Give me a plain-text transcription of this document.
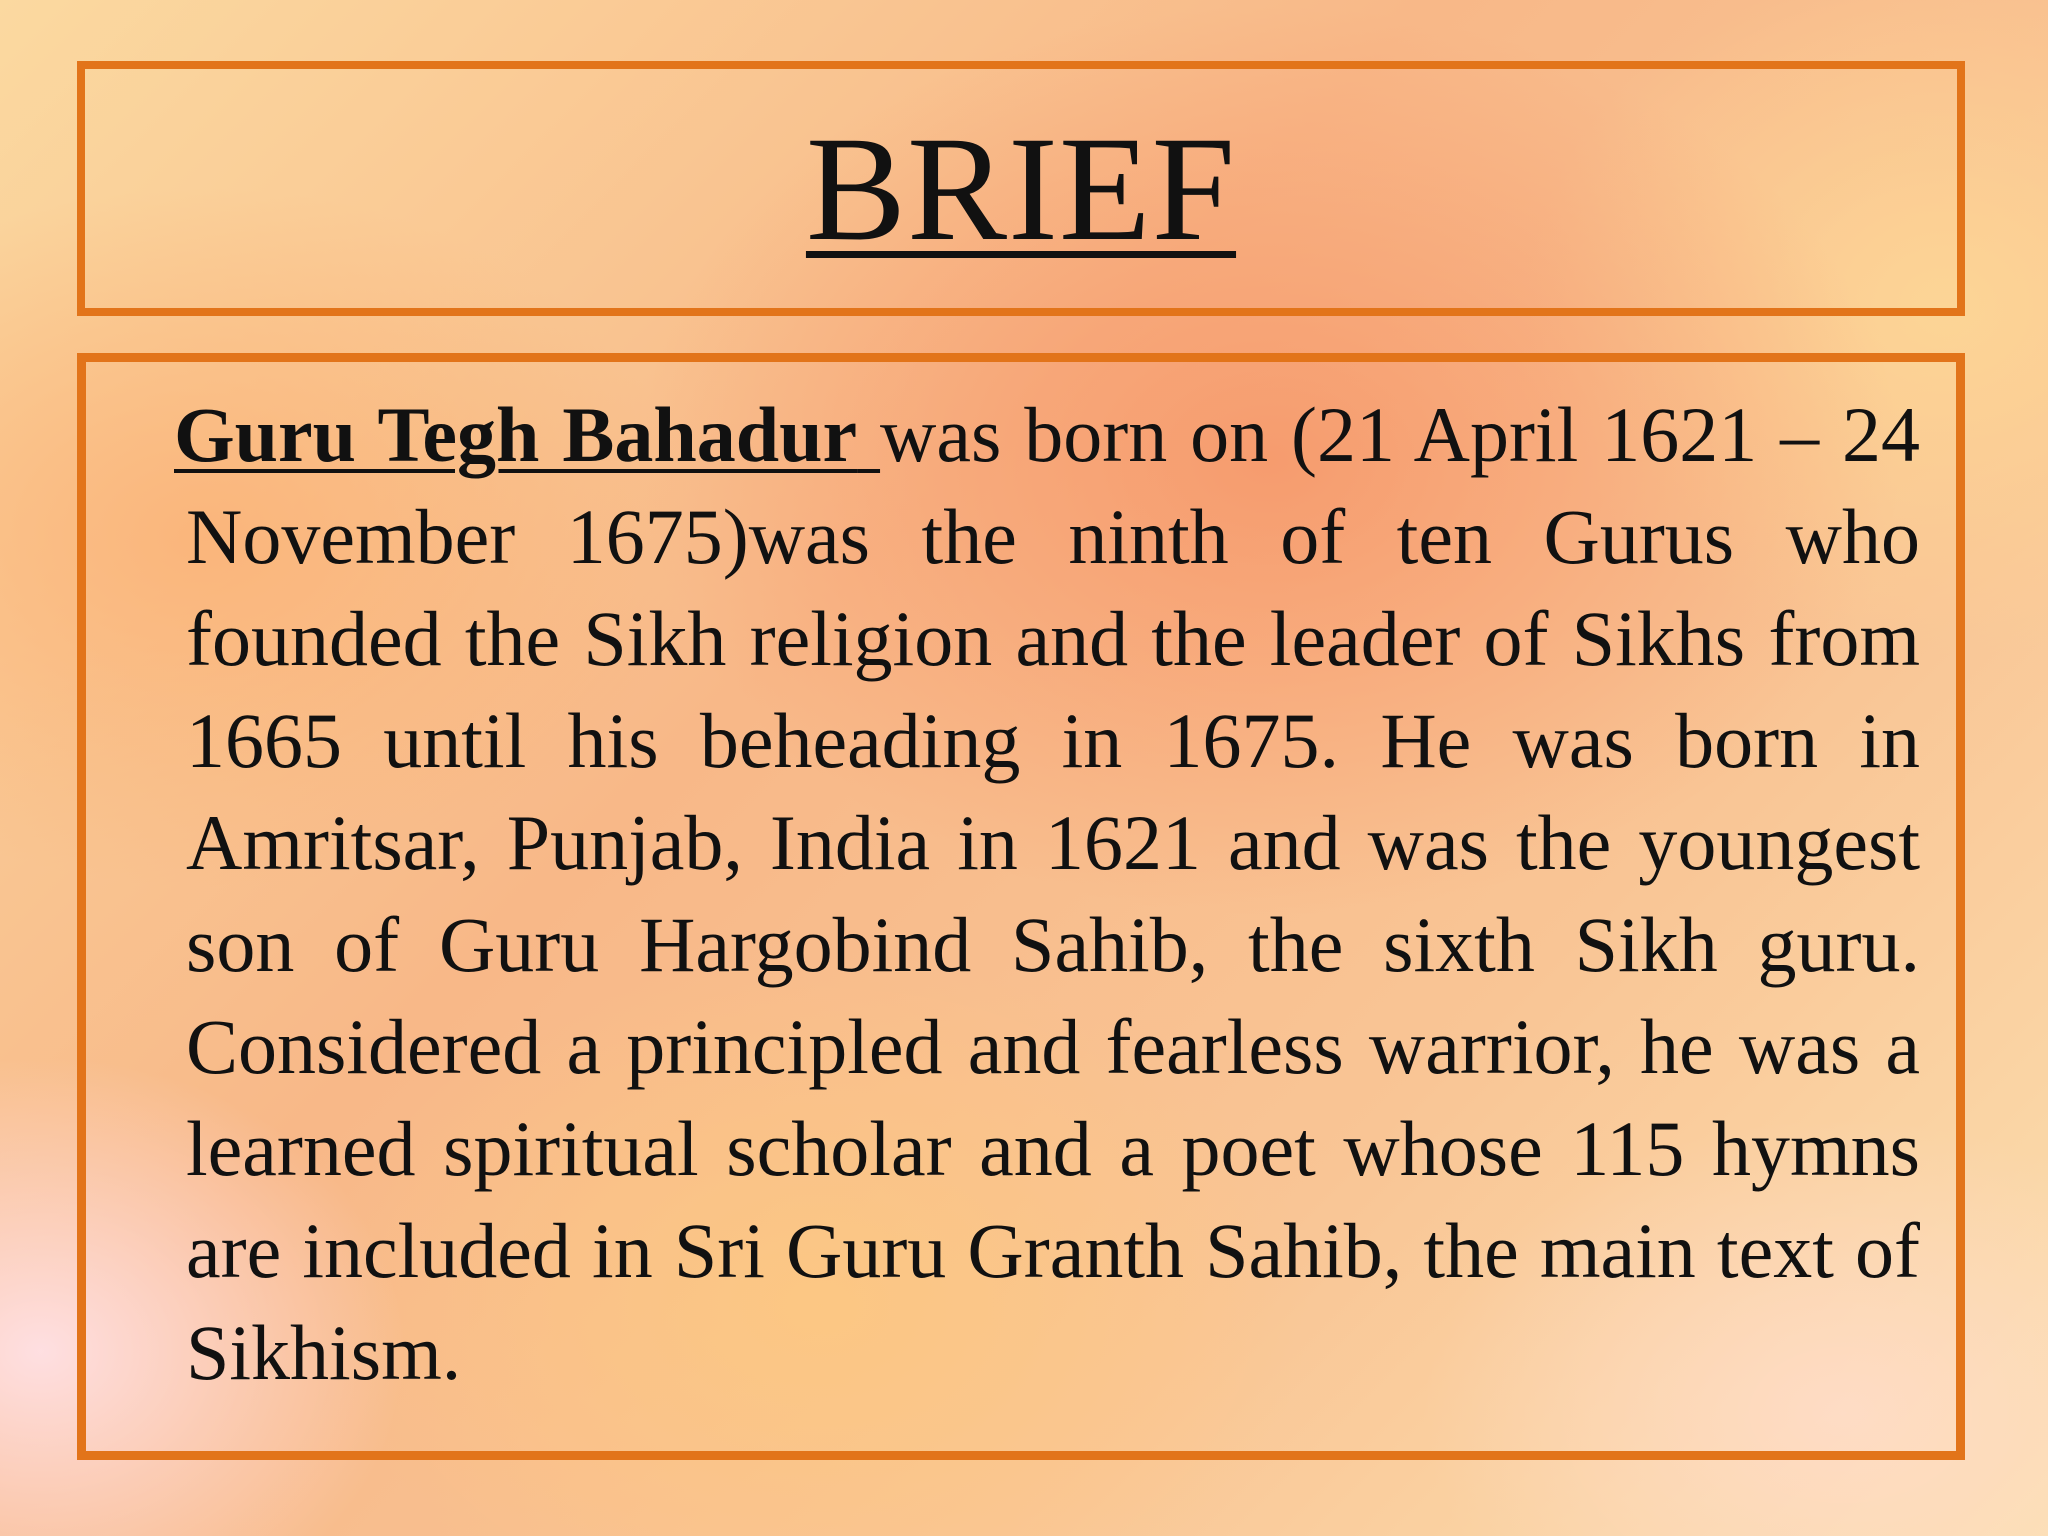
BRIEF

Guru Tegh Bahadur was born on (21 April 1621 – 24 November 1675)was the ninth of ten Gurus who founded the Sikh religion and the leader of Sikhs from 1665 until his beheading in 1675. He was born in Amritsar, Punjab, India in 1621 and was the youngest son of Guru Hargobind Sahib, the sixth Sikh guru. Considered a principled and fearless warrior, he was a learned spiritual scholar and a poet whose 115 hymns are included in Sri Guru Granth Sahib, the main text of Sikhism.
